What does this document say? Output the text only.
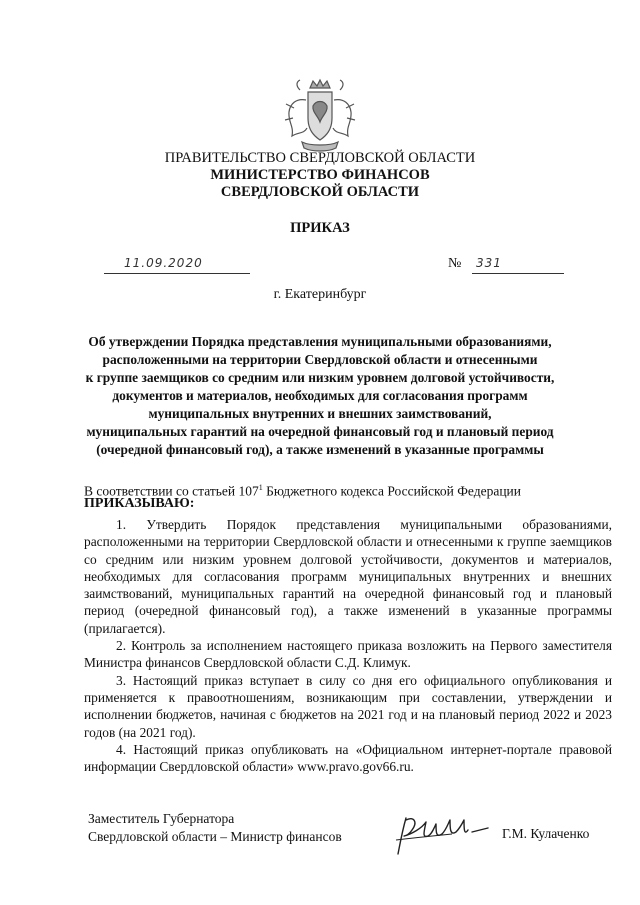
ПРАВИТЕЛЬСТВО СВЕРДЛОВСКОЙ ОБЛАСТИ
МИНИСТЕРСТВО ФИНАНСОВ
СВЕРДЛОВСКОЙ ОБЛАСТИ
ПРИКАЗ
11.09.2020	№ 331
г. Екатеринбург
Об утверждении Порядка представления муниципальными образованиями,
расположенными на территории Свердловской области и отнесенными
к группе заемщиков со средним или низким уровнем долговой устойчивости,
документов и материалов, необходимых для согласования программ
муниципальных внутренних и внешних заимствований,
муниципальных гарантий на очередной финансовый год и плановый период
(очередной финансовый год), а также изменений в указанные программы
В соответствии со статьей $107^1$ Бюджетного кодекса Российской Федерации
ПРИКАЗЫВАЮ:

1. Утвердить Порядок представления муниципальными образованиями, расположенными на территории Свердловской области и отнесенными к группе заемщиков со средним или низким уровнем долговой устойчивости, документов и материалов, необходимых для согласования программ муниципальных внутренних и внешних заимствований, муниципальных гарантий на очередной финансовый год и плановый период (очередной финансовый год), а также изменений в указанные программы (прилагается).

2. Контроль за исполнением настоящего приказа возложить на Первого заместителя Министра финансов Свердловской области С.Д. Климук.

3. Настоящий приказ вступает в силу со дня его официального опубликования и применяется к правоотношениям, возникающим при составлении, утверждении и исполнении бюджетов, начиная с бюджетов на 2021 год и на плановый период 2022 и 2023 годов (на 2021 год).

4. Настоящий приказ опубликовать на «Официальном интернет-портале правовой информации Свердловской области» www.pravo.gov66.ru.

Заместитель Губернатора
Свердловской области – Министр финансов	Г.М. Кулаченко
